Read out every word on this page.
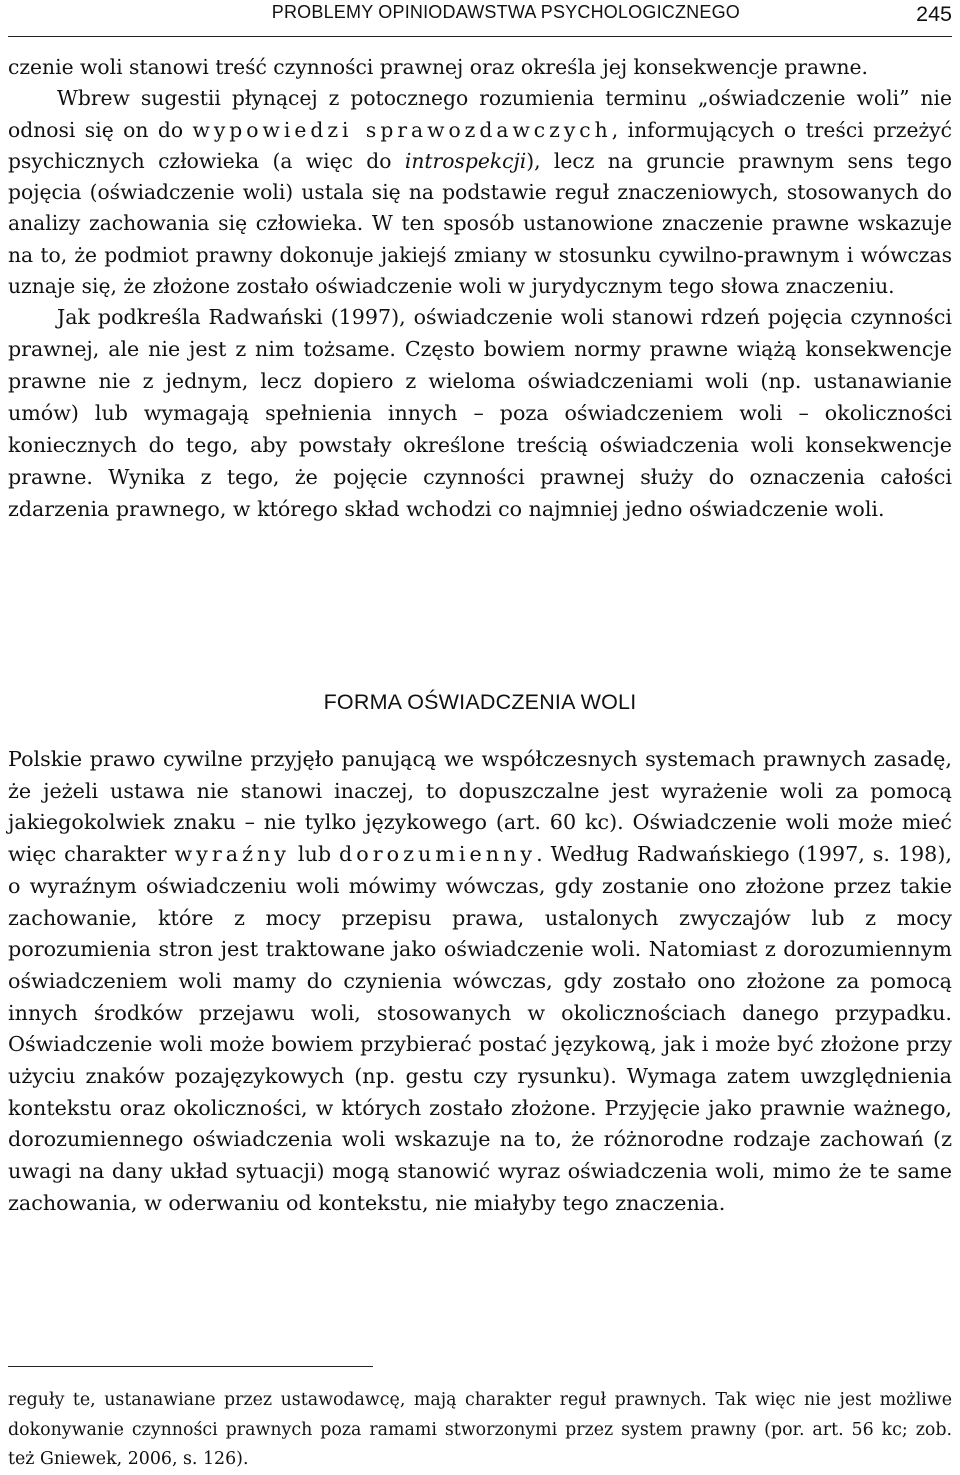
PROBLEMY OPINIODAWSTWA PSYCHOLOGICZNEGO	245

czenie woli stanowi treść czynności prawnej oraz określa jej konsekwencje prawne.

Wbrew sugestii płynącej z potocznego rozumienia terminu „oświadczenie woli” nie odnosi się on do wypowiedzi sprawozdawczych, informujących o treści przeżyć psychicznych człowieka (a więc do introspekcji), lecz na gruncie prawnym sens tego pojęcia (oświadczenie woli) ustala się na podstawie reguł znaczeniowych, stosowanych do analizy zachowania się człowieka. W ten sposób ustanowione znaczenie prawne wskazuje na to, że podmiot prawny dokonuje jakiejś zmiany w stosunku cywilno-prawnym i wówczas uznaje się, że złożone zostało oświadczenie woli w jurydycznym tego słowa znaczeniu.

Jak podkreśla Radwański (1997), oświadczenie woli stanowi rdzeń pojęcia czynności prawnej, ale nie jest z nim tożsame. Często bowiem normy prawne wiążą konsekwencje prawne nie z jednym, lecz dopiero z wieloma oświadczeniami woli (np. ustanawianie umów) lub wymagają spełnienia innych – poza oświadczeniem woli – okoliczności koniecznych do tego, aby powstały określone treścią oświadczenia woli konsekwencje prawne. Wynika z tego, że pojęcie czynności prawnej służy do oznaczenia całości zdarzenia prawnego, w którego skład wchodzi co najmniej jedno oświadczenie woli.

FORMA OŚWIADCZENIA WOLI

Polskie prawo cywilne przyjęło panującą we współczesnych systemach prawnych zasadę, że jeżeli ustawa nie stanowi inaczej, to dopuszczalne jest wyrażenie woli za pomocą jakiegokolwiek znaku – nie tylko językowego (art. 60 kc). Oświadczenie woli może mieć więc charakter wyraźny lub dorozumienny. Według Radwańskiego (1997, s. 198), o wyraźnym oświadczeniu woli mówimy wówczas, gdy zostanie ono złożone przez takie zachowanie, które z mocy przepisu prawa, ustalonych zwyczajów lub z mocy porozumienia stron jest traktowane jako oświadczenie woli. Natomiast z dorozumiennym oświadczeniem woli mamy do czynienia wówczas, gdy zostało ono złożone za pomocą innych środków przejawu woli, stosowanych w okolicznościach danego przypadku. Oświadczenie woli może bowiem przybierać postać językową, jak i może być złożone przy użyciu znaków pozajęzykowych (np. gestu czy rysunku). Wymaga zatem uwzględnienia kontekstu oraz okoliczności, w których zostało złożone. Przyjęcie jako prawnie ważnego, dorozumiennego oświadczenia woli wskazuje na to, że różnorodne rodzaje zachowań (z uwagi na dany układ sytuacji) mogą stanowić wyraz oświadczenia woli, mimo że te same zachowania, w oderwaniu od kontekstu, nie miałyby tego znaczenia.

reguły te, ustanawiane przez ustawodawcę, mają charakter reguł prawnych. Tak więc nie jest możliwe dokonywanie czynności prawnych poza ramami stworzonymi przez system prawny (por. art. 56 kc; zob. też Gniewek, 2006, s. 126).
